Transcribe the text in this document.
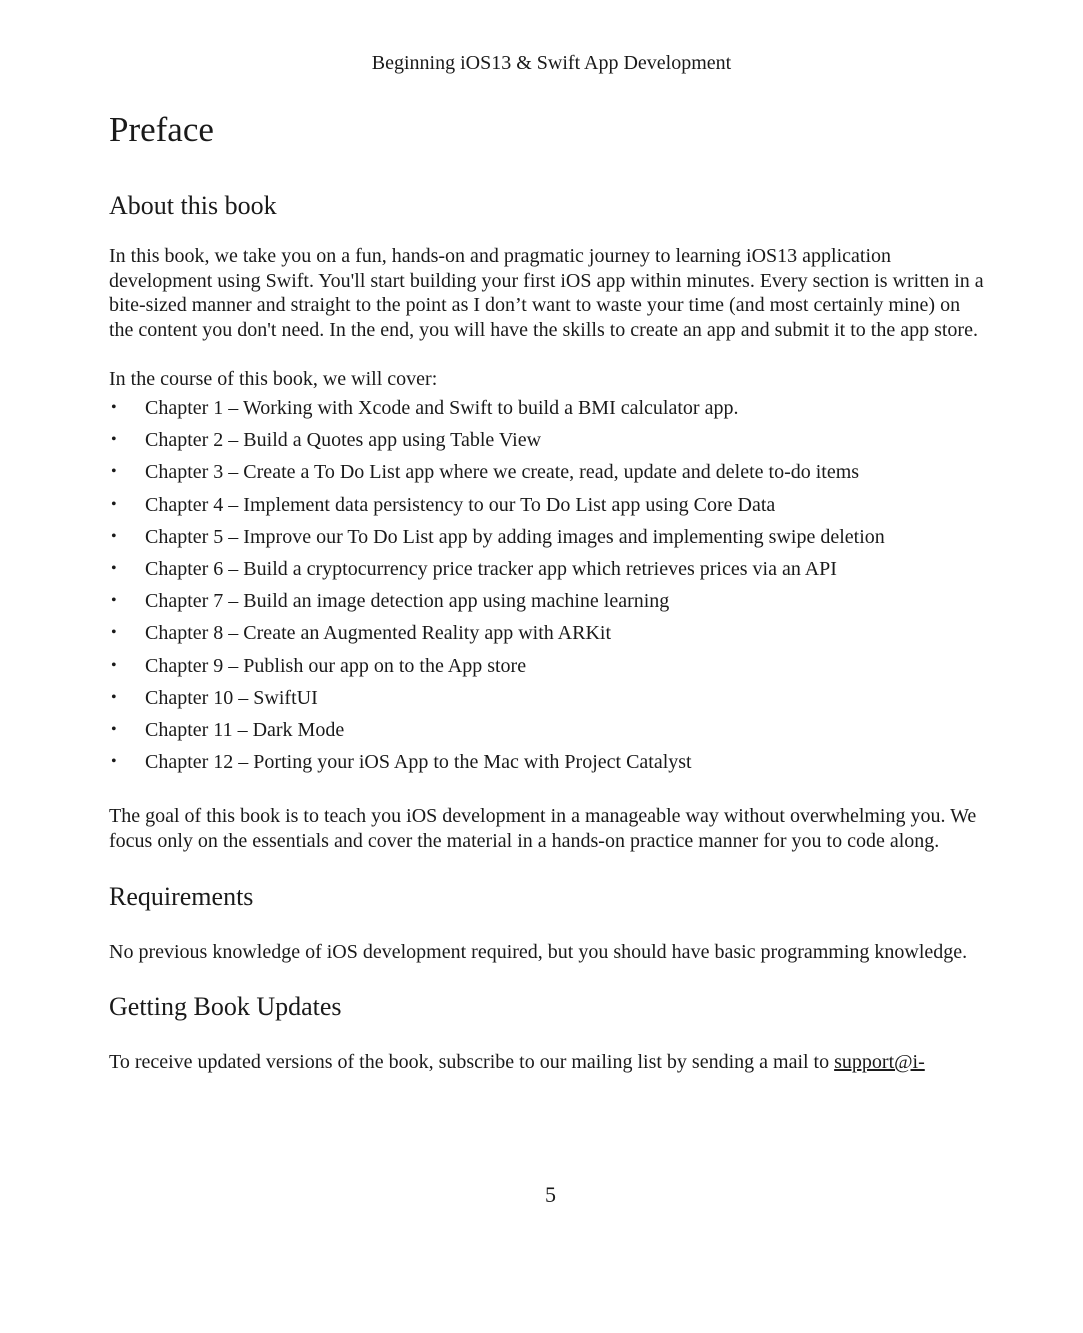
Beginning iOS13 & Swift App Development
Preface
About this book

In this book, we take you on a fun, hands-on and pragmatic journey to learning iOS13 application development using Swift. You'll start building your first iOS app within minutes. Every section is written in a bite-sized manner and straight to the point as I don’t want to waste your time (and most certainly mine) on the content you don't need. In the end, you will have the skills to create an app and submit it to the app store.

In the course of this book, we will cover:

• Chapter 1 – Working with Xcode and Swift to build a BMI calculator app.
• Chapter 2 – Build a Quotes app using Table View
• Chapter 3 – Create a To Do List app where we create, read, update and delete to-do items
• Chapter 4 – Implement data persistency to our To Do List app using Core Data
• Chapter 5 – Improve our To Do List app by adding images and implementing swipe deletion
• Chapter 6 – Build a cryptocurrency price tracker app which retrieves prices via an API
• Chapter 7 – Build an image detection app using machine learning
• Chapter 8 – Create an Augmented Reality app with ARKit
• Chapter 9 – Publish our app on to the App store
• Chapter 10 – SwiftUI
• Chapter 11 – Dark Mode
• Chapter 12 – Porting your iOS App to the Mac with Project Catalyst

The goal of this book is to teach you iOS development in a manageable way without overwhelming you. We focus only on the essentials and cover the material in a hands-on practice manner for you to code along.

Requirements

No previous knowledge of iOS development required, but you should have basic programming knowledge.

Getting Book Updates

To receive updated versions of the book, subscribe to our mailing list by sending a mail to support@i-

5
